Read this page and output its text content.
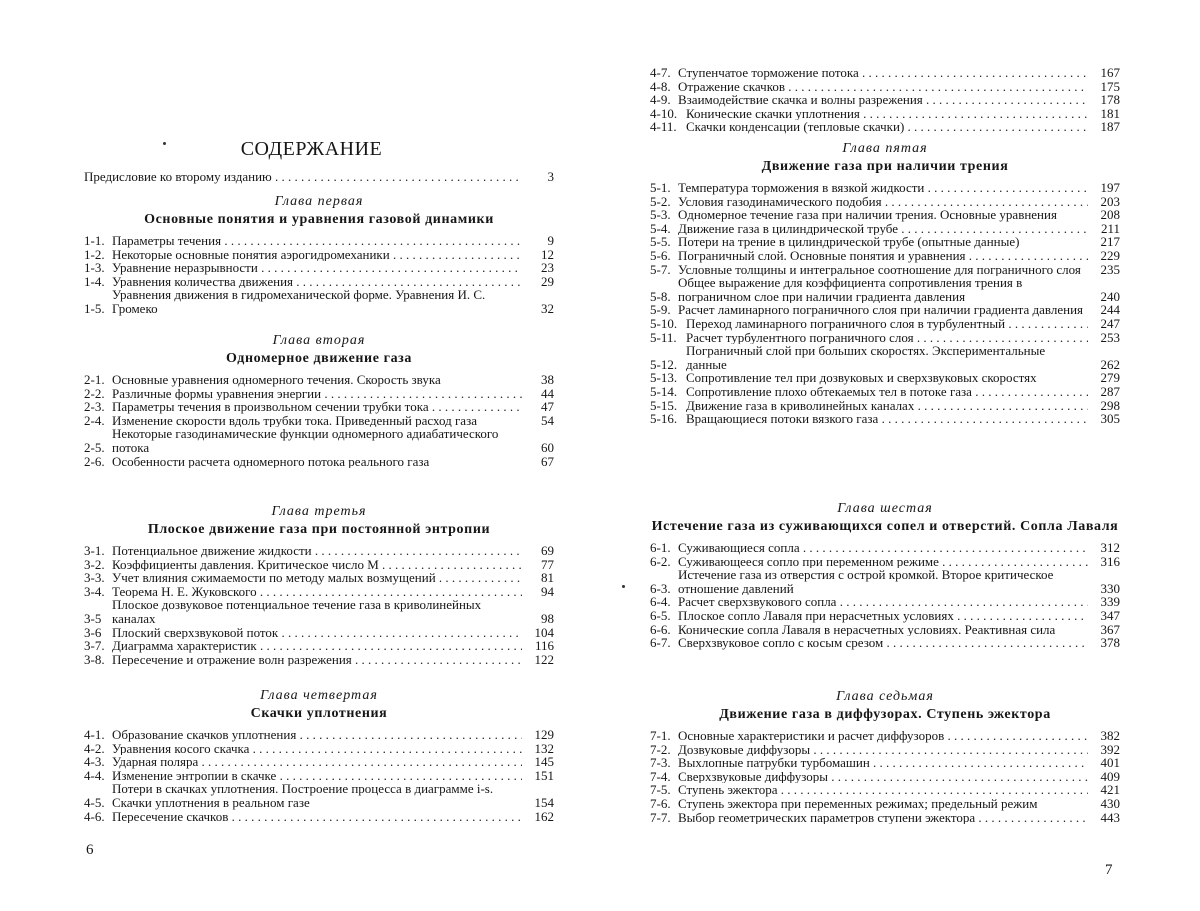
СОДЕРЖАНИЕ
Предисловие ко второму изданию . . .	3

Глава первая

Основные понятия и уравнения газовой динамики

1-1. Параметры течения . . .	9
1-2. Некоторые основные понятия аэрогидромеханики . . .	12
1-3. Уравнение неразрывности . . .	23
1-4. Уравнения количества движения . . .	29
1-5.
Уравнения движения в гидромеханической форме. Уравнения И. С. Громеко	32

Глава вторая

Одномерное движение газа

2-1. Основные уравнения одномерного течения. Скорость звука	38
2-2. Различные формы уравнения энергии . . .	44
2-3. Параметры течения в произвольном сечении трубки тока . . .	47
2-4. Изменение скорости вдоль трубки тока. Приведенный расход газа	54
2-5.
Некоторые газодинамические функции одномерного адиабатического потока	60
2-6. Особенности расчета одномерного потока реального газа	67

Глава третья

Плоское движение газа при постоянной энтропии

3-1. Потенциальное движение жидкости . . .	69
3-2. Коэффициенты давления. Критическое число М . . .	77
3-3. Учет влияния сжимаемости по методу малых возмущений . . .	81
3-4. Теорема Н. Е. Жуковского . . .	94
3-5
Плоское дозвуковое потенциальное течение газа в криволинейных каналах	98
3-6 Плоский сверхзвуковой поток . . .	104
3-7. Диаграмма характеристик . . .	116
3-8. Пересечение и отражение волн разрежения . . .	122

Глава четвертая

Скачки уплотнения

4-1. Образование скачков уплотнения . . .	129
4-2. Уравнения косого скачка . . .	132
4-3. Ударная поляра . . .	145
4-4. Изменение энтропии в скачке . . .	151
4-5.
Потери в скачках уплотнения. Построение процесса в диаграмме i-s. Скачки уплотнения в реальном газе	154
4-6. Пересечение скачков . . .	162
6
4-7. Ступенчатое торможение потока . . .	167
4-8. Отражение скачков . . .	175
4-9. Взаимодействие скачка и волны разрежения . . .	178
4-10. Конические скачки уплотнения . . .	181
4-11. Скачки конденсации (тепловые скачки) . . .	187

Глава пятая

Движение газа при наличии трения

5-1. Температура торможения в вязкой жидкости . . .	197
5-2. Условия газодинамического подобия . . .	203
5-3. Одномерное течение газа при наличии трения. Основные уравнения	208
5-4. Движение газа в цилиндрической трубе . . .	211
5-5. Потери на трение в цилиндрической трубе (опытные данные)	217
5-6. Пограничный слой. Основные понятия и уравнения . . .	229
5-7. Условные толщины и интегральное соотношение для пограничного слоя	235
5-8.
Общее выражение для коэффициента сопротивления трения в пограничном слое при наличии градиента давления	240
5-9. Расчет ламинарного пограничного слоя при наличии градиента давления	244
5-10. Переход ламинарного пограничного слоя в турбулентный . . .	247
5-11. Расчет турбулентного пограничного слоя . . .	253
5-12.
Пограничный слой при больших скоростях. Экспериментальные данные	262
5-13. Сопротивление тел при дозвуковых и сверхзвуковых скоростях	279
5-14. Сопротивление плохо обтекаемых тел в потоке газа . . .	287
5-15. Движение газа в криволинейных каналах . . .	298
5-16. Вращающиеся потоки вязкого газа . . .	305

Глава шестая

Истечение газа из суживающихся сопел и отверстий. Сопла Лаваля

6-1. Суживающиеся сопла . . .	312
6-2. Суживающееся сопло при переменном режиме . . .	316
6-3.
Истечение газа из отверстия с острой кромкой. Второе критическое отношение давлений	330
6-4. Расчет сверхзвукового сопла . . .	339
6-5. Плоское сопло Лаваля при нерасчетных условиях . . .	347
6-6. Конические сопла Лаваля в нерасчетных условиях. Реактивная сила	367
6-7. Сверхзвуковое сопло с косым срезом . . .	378

Глава седьмая

Движение газа в диффузорах. Ступень эжектора

7-1. Основные характеристики и расчет диффузоров . . .	382
7-2. Дозвуковые диффузоры . . .	392
7-3. Выхлопные патрубки турбомашин . . .	401
7-4. Сверхзвуковые диффузоры . . .	409
7-5. Ступень эжектора . . .	421
7-6. Ступень эжектора при переменных режимах; предельный режим	430
7-7. Выбор геометрических параметров ступени эжектора . . .	443
7
